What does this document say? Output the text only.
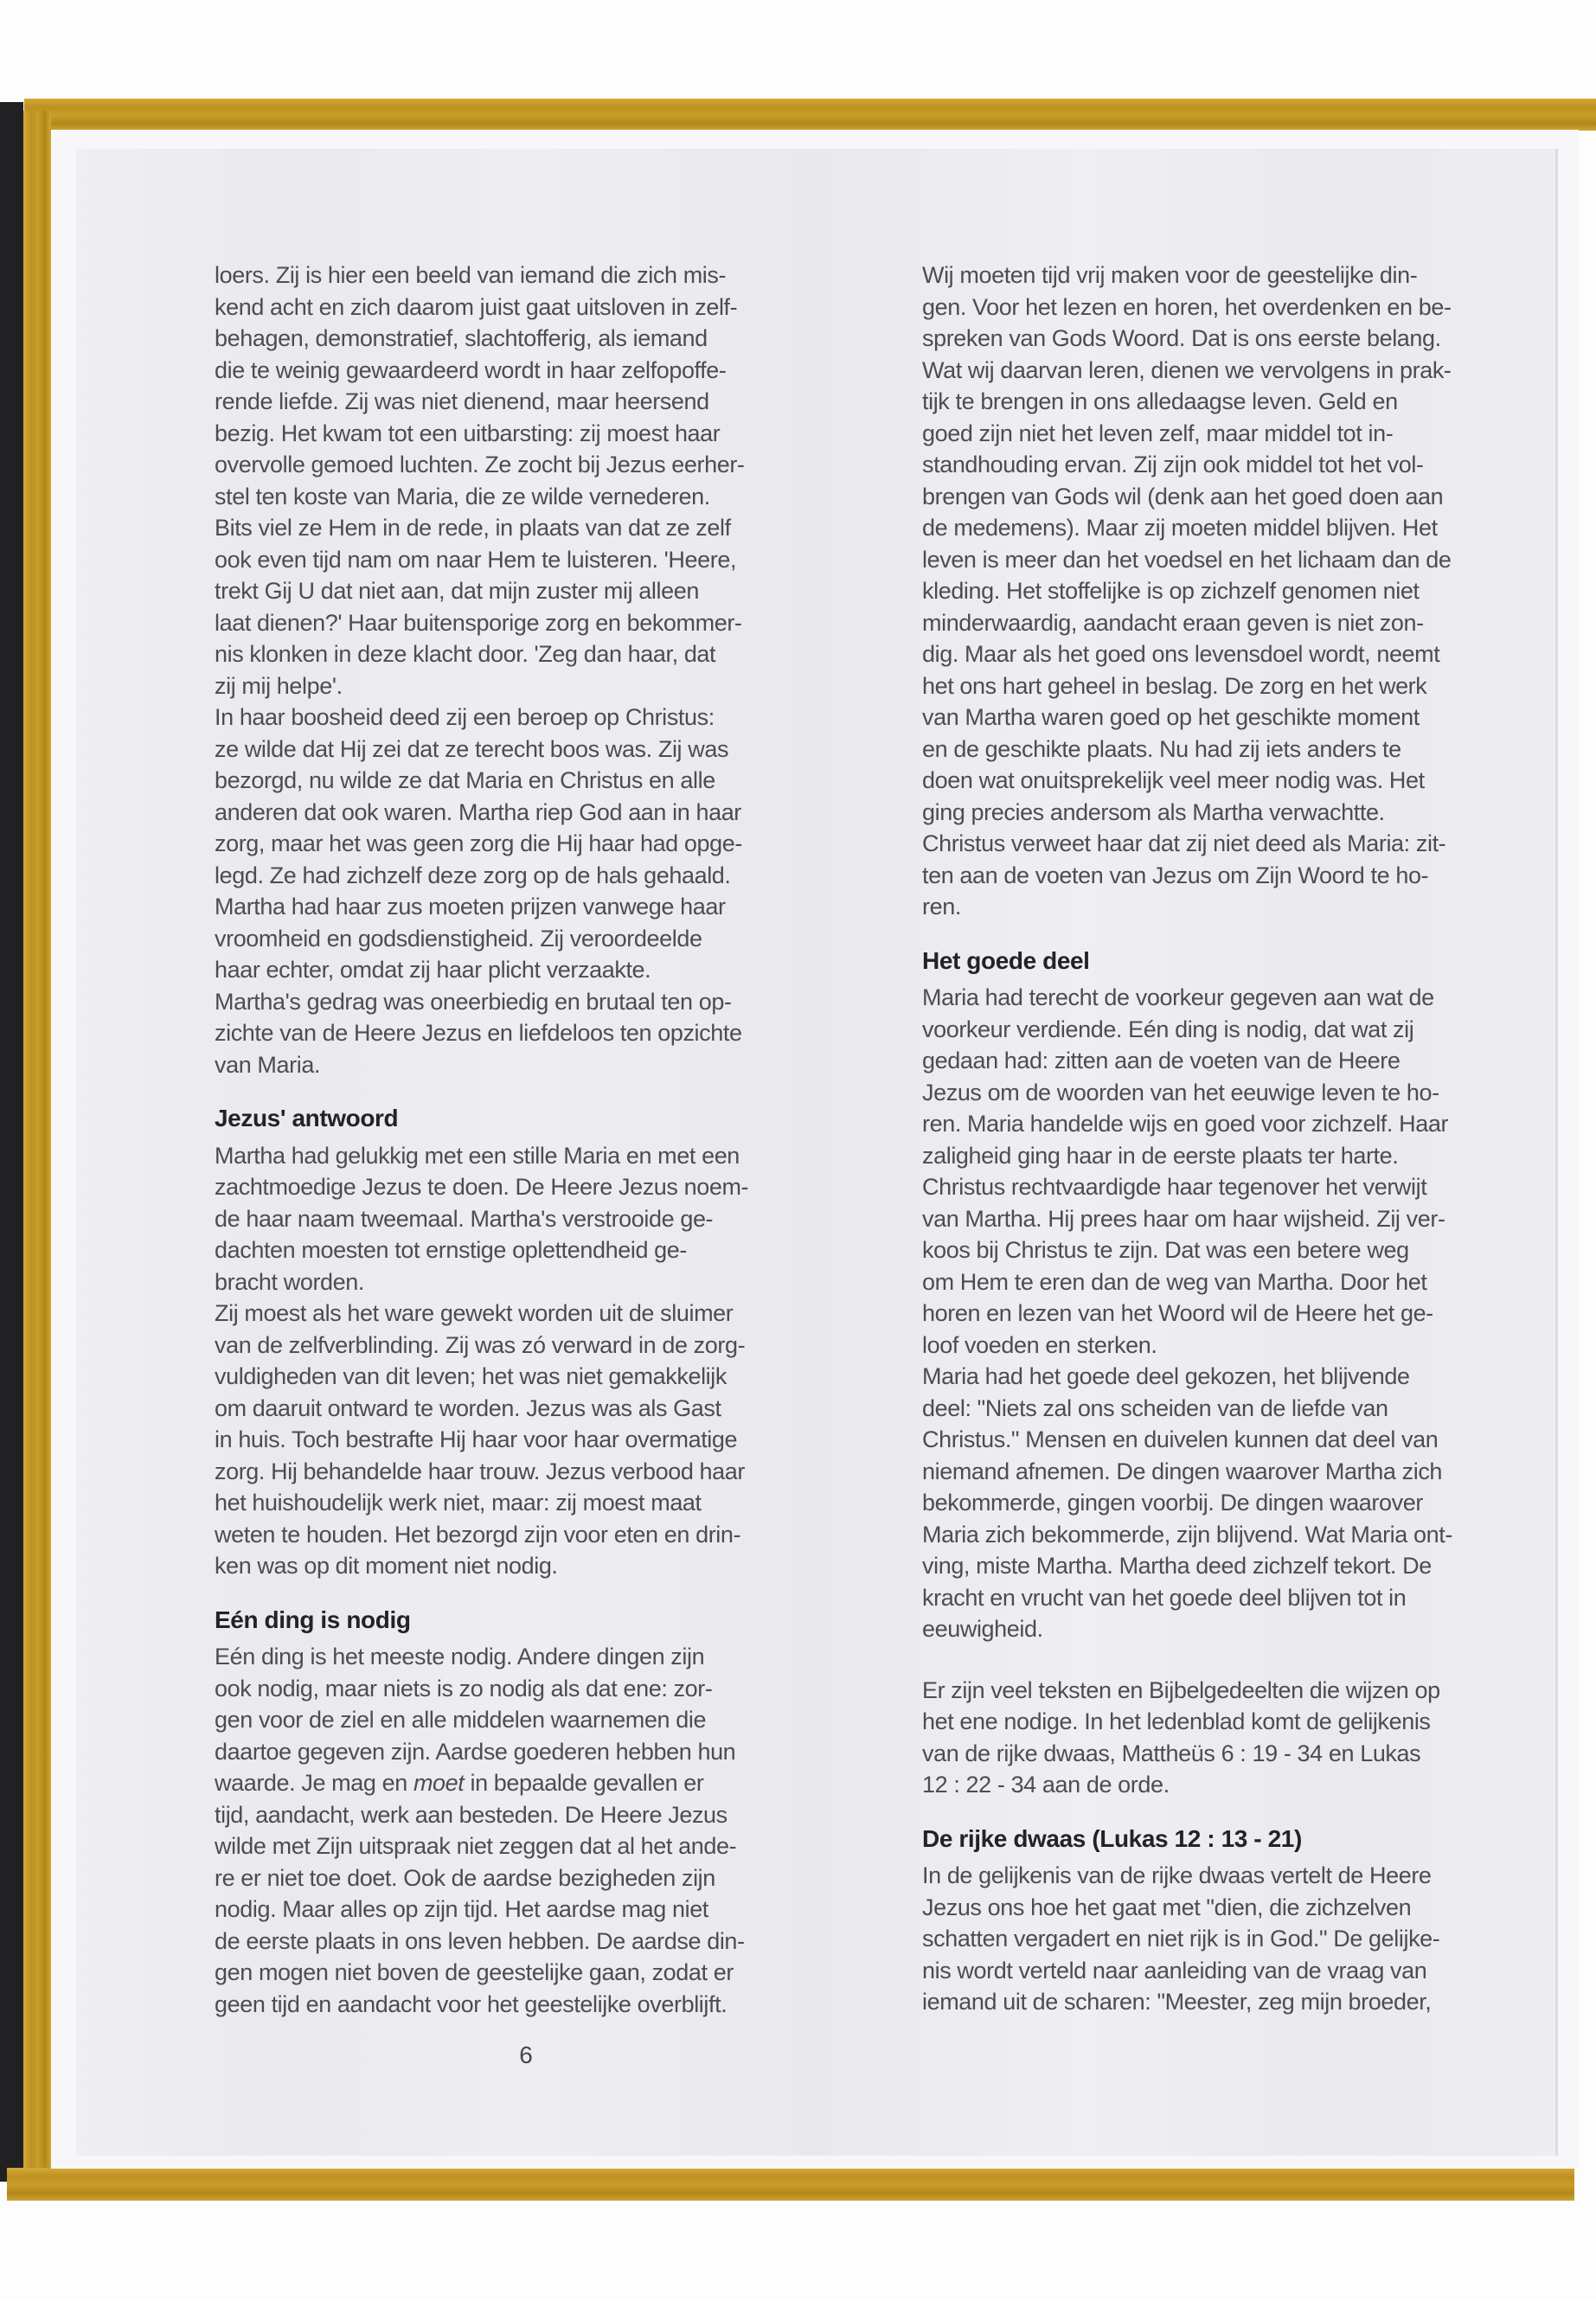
loers. Zij is hier een beeld van iemand die zich mis-
kend acht en zich daarom juist gaat uitsloven in zelf-
behagen, demonstratief, slachtofferig, als iemand
die te weinig gewaardeerd wordt in haar zelfopoffe-
rende liefde. Zij was niet dienend, maar heersend
bezig. Het kwam tot een uitbarsting: zij moest haar
overvolle gemoed luchten. Ze zocht bij Jezus eerher-
stel ten koste van Maria, die ze wilde vernederen.
Bits viel ze Hem in de rede, in plaats van dat ze zelf
ook even tijd nam om naar Hem te luisteren. 'Heere,
trekt Gij U dat niet aan, dat mijn zuster mij alleen
laat dienen?' Haar buitensporige zorg en bekommer-
nis klonken in deze klacht door. 'Zeg dan haar, dat
zij mij helpe'.
In haar boosheid deed zij een beroep op Christus:
ze wilde dat Hij zei dat ze terecht boos was. Zij was
bezorgd, nu wilde ze dat Maria en Christus en alle
anderen dat ook waren. Martha riep God aan in haar
zorg, maar het was geen zorg die Hij haar had opge-
legd. Ze had zichzelf deze zorg op de hals gehaald.
Martha had haar zus moeten prijzen vanwege haar
vroomheid en godsdienstigheid. Zij veroordeelde
haar echter, omdat zij haar plicht verzaakte.
Martha's gedrag was oneerbiedig en brutaal ten op-
zichte van de Heere Jezus en liefdeloos ten opzichte
van Maria.
Jezus' antwoord
Martha had gelukkig met een stille Maria en met een
zachtmoedige Jezus te doen. De Heere Jezus noem-
de haar naam tweemaal. Martha's verstrooide ge-
dachten moesten tot ernstige oplettendheid ge-
bracht worden.
Zij moest als het ware gewekt worden uit de sluimer
van de zelfverblinding. Zij was zó verward in de zorg-
vuldigheden van dit leven; het was niet gemakkelijk
om daaruit ontward te worden. Jezus was als Gast
in huis. Toch bestrafte Hij haar voor haar overmatige
zorg. Hij behandelde haar trouw. Jezus verbood haar
het huishoudelijk werk niet, maar: zij moest maat
weten te houden. Het bezorgd zijn voor eten en drin-
ken was op dit moment niet nodig.
Eén ding is nodig
Eén ding is het meeste nodig. Andere dingen zijn
ook nodig, maar niets is zo nodig als dat ene: zor-
gen voor de ziel en alle middelen waarnemen die
daartoe gegeven zijn. Aardse goederen hebben hun
waarde. Je mag en moet in bepaalde gevallen er
tijd, aandacht, werk aan besteden. De Heere Jezus
wilde met Zijn uitspraak niet zeggen dat al het ande-
re er niet toe doet. Ook de aardse bezigheden zijn
nodig. Maar alles op zijn tijd. Het aardse mag niet
de eerste plaats in ons leven hebben. De aardse din-
gen mogen niet boven de geestelijke gaan, zodat er
geen tijd en aandacht voor het geestelijke overblijft.
Wij moeten tijd vrij maken voor de geestelijke din-
gen. Voor het lezen en horen, het overdenken en be-
spreken van Gods Woord. Dat is ons eerste belang.
Wat wij daarvan leren, dienen we vervolgens in prak-
tijk te brengen in ons alledaagse leven. Geld en
goed zijn niet het leven zelf, maar middel tot in-
standhouding ervan. Zij zijn ook middel tot het vol-
brengen van Gods wil (denk aan het goed doen aan
de medemens). Maar zij moeten middel blijven. Het
leven is meer dan het voedsel en het lichaam dan de
kleding. Het stoffelijke is op zichzelf genomen niet
minderwaardig, aandacht eraan geven is niet zon-
dig. Maar als het goed ons levensdoel wordt, neemt
het ons hart geheel in beslag. De zorg en het werk
van Martha waren goed op het geschikte moment
en de geschikte plaats. Nu had zij iets anders te
doen wat onuitsprekelijk veel meer nodig was. Het
ging precies andersom als Martha verwachtte.
Christus verweet haar dat zij niet deed als Maria: zit-
ten aan de voeten van Jezus om Zijn Woord te ho-
ren.
Het goede deel
Maria had terecht de voorkeur gegeven aan wat de
voorkeur verdiende. Eén ding is nodig, dat wat zij
gedaan had: zitten aan de voeten van de Heere
Jezus om de woorden van het eeuwige leven te ho-
ren. Maria handelde wijs en goed voor zichzelf. Haar
zaligheid ging haar in de eerste plaats ter harte.
Christus rechtvaardigde haar tegenover het verwijt
van Martha. Hij prees haar om haar wijsheid. Zij ver-
koos bij Christus te zijn. Dat was een betere weg
om Hem te eren dan de weg van Martha. Door het
horen en lezen van het Woord wil de Heere het ge-
loof voeden en sterken.
Maria had het goede deel gekozen, het blijvende
deel: "Niets zal ons scheiden van de liefde van
Christus." Mensen en duivelen kunnen dat deel van
niemand afnemen. De dingen waarover Martha zich
bekommerde, gingen voorbij. De dingen waarover
Maria zich bekommerde, zijn blijvend. Wat Maria ont-
ving, miste Martha. Martha deed zichzelf tekort. De
kracht en vrucht van het goede deel blijven tot in
eeuwigheid.
Er zijn veel teksten en Bijbelgedeelten die wijzen op
het ene nodige. In het ledenblad komt de gelijkenis
van de rijke dwaas, Mattheüs 6 : 19 - 34 en Lukas
12 : 22 - 34 aan de orde.
De rijke dwaas (Lukas 12 : 13 - 21)
In de gelijkenis van de rijke dwaas vertelt de Heere
Jezus ons hoe het gaat met "dien, die zichzelven
schatten vergadert en niet rijk is in God." De gelijke-
nis wordt verteld naar aanleiding van de vraag van
iemand uit de scharen: "Meester, zeg mijn broeder,
6
